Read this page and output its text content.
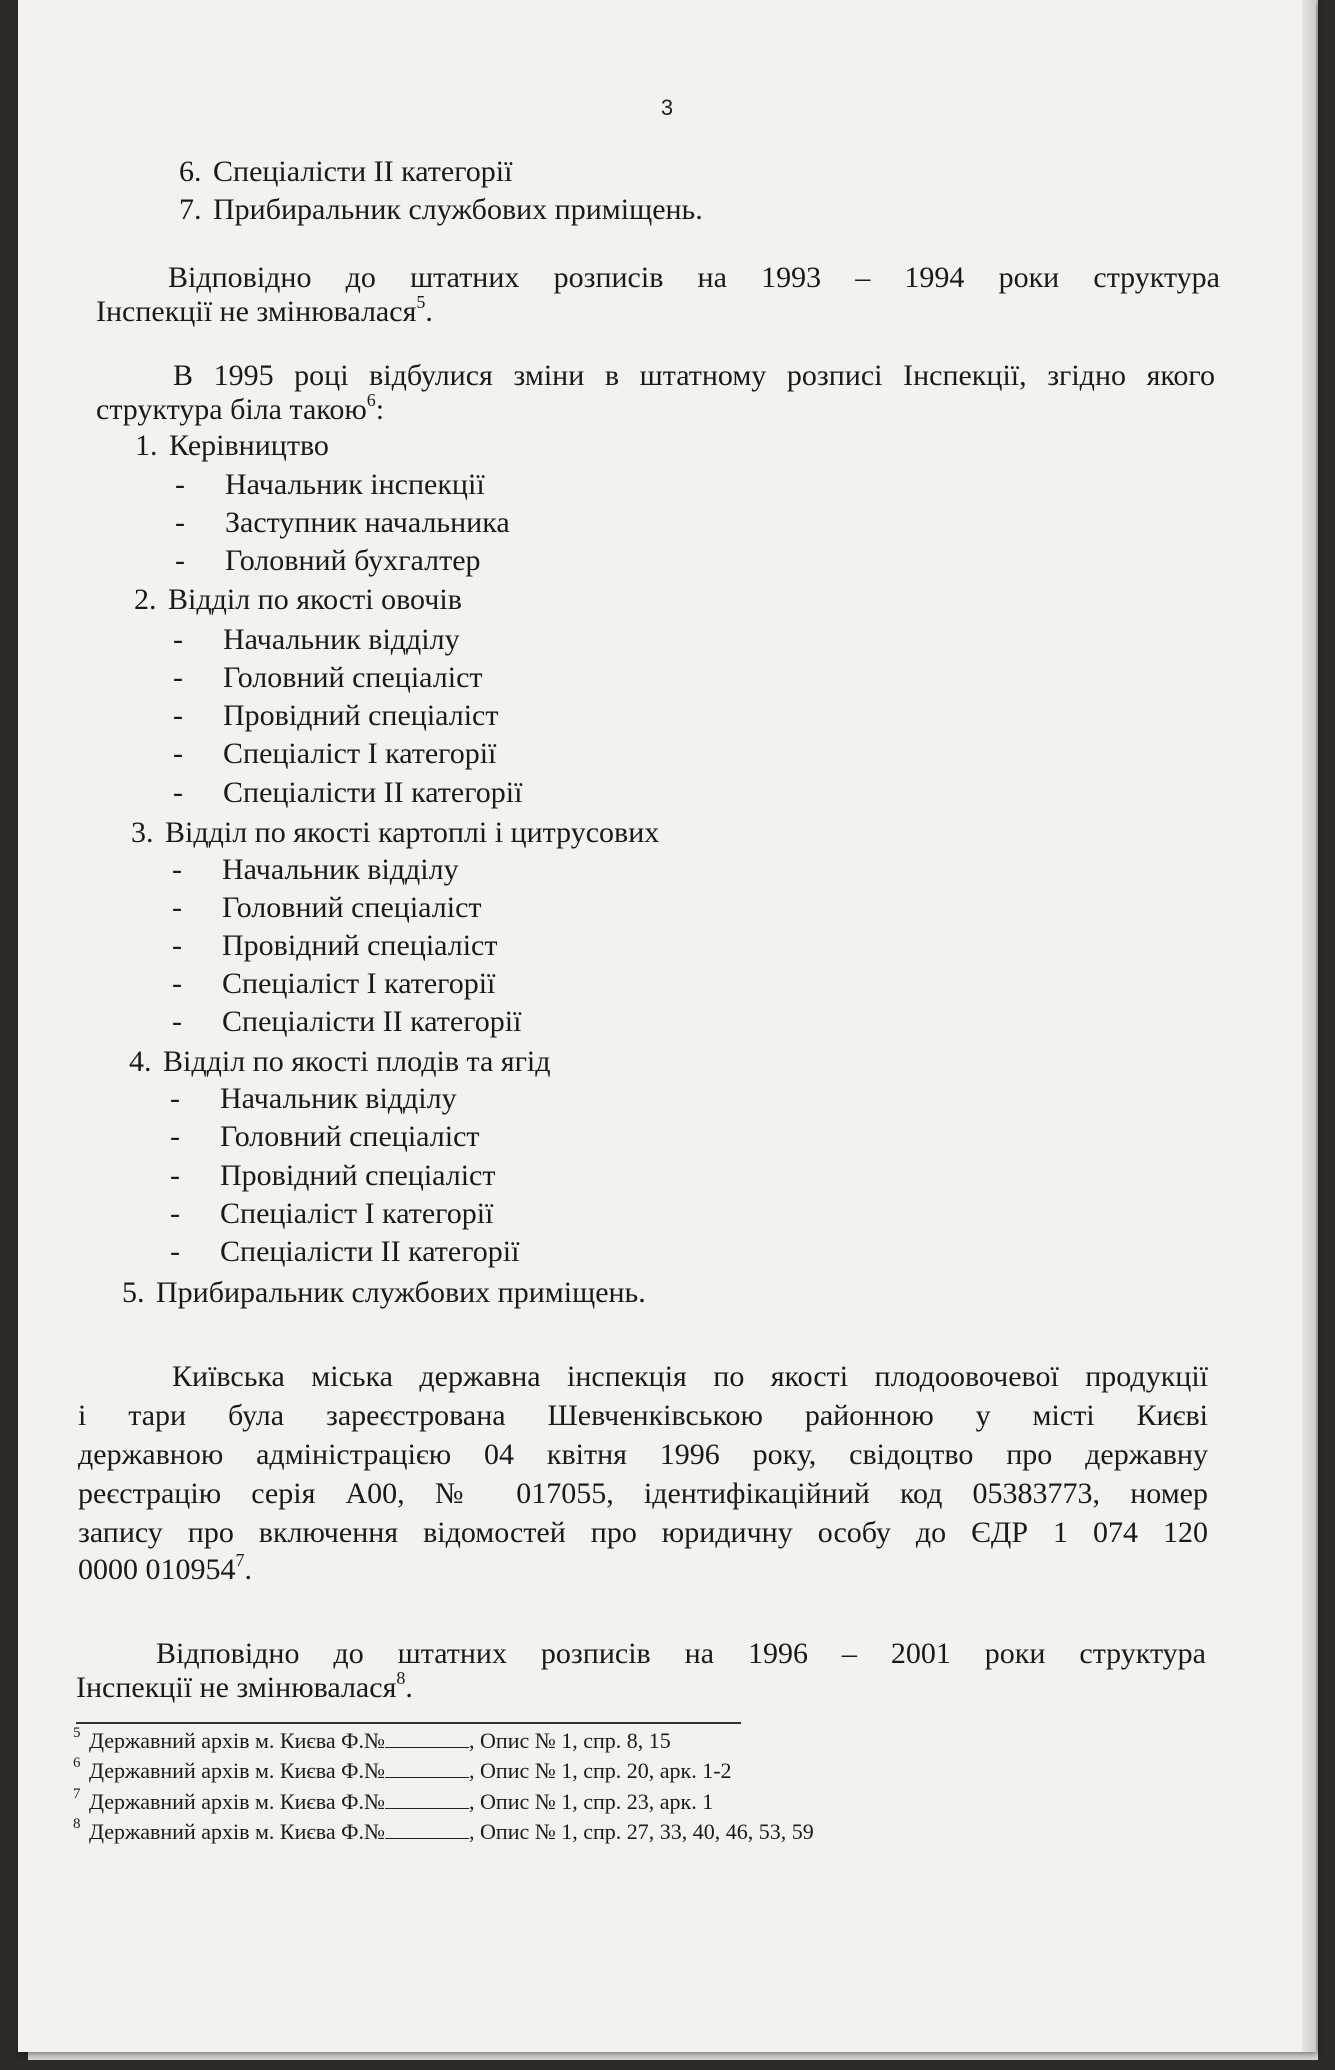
3
6. Спеціалісти ІІ категорії
7. Прибиральник службових приміщень.
Відповідно до штатних розписів на 1993 – 1994 роки структура
Інспекції не змінювалася$^5$.
В 1995 році відбулися зміни в штатному розписі Інспекції, згідно якого
структура біла такою$^6$:
1. Керівництво
- Начальник інспекції
- Заступник начальника
- Головний бухгалтер
2. Відділ по якості овочів
- Начальник відділу
- Головний спеціаліст
- Провідний спеціаліст
- Спеціаліст І категорії
- Спеціалісти ІІ категорії
3. Відділ по якості картоплі і цитрусових
- Начальник відділу
- Головний спеціаліст
- Провідний спеціаліст
- Спеціаліст І категорії
- Спеціалісти ІІ категорії
4. Відділ по якості плодів та ягід
- Начальник відділу
- Головний спеціаліст
- Провідний спеціаліст
- Спеціаліст І категорії
- Спеціалісти ІІ категорії
5. Прибиральник службових приміщень.
Київська міська державна інспекція по якості плодоовочевої продукції
і тари була зареєстрована Шевченківською районною у місті Києві
державною адміністрацією 04 квітня 1996 року, свідоцтво про державну
реєстрацію серія А00, № 017055, ідентифікаційний код 05383773, номер
запису про включення відомостей про юридичну особу до ЄДР 1 074 120
0000 010954$^7$.
Відповідно до штатних розписів на 1996 – 2001 роки структура
Інспекції не змінювалася$^8$.
5 Державний архів м. Києва Ф.№	, Опис № 1, спр. 8, 15
6 Державний архів м. Києва Ф.№	, Опис № 1, спр. 20, арк. 1-2
7 Державний архів м. Києва Ф.№	, Опис № 1, спр. 23, арк. 1
8 Державний архів м. Києва Ф.№	, Опис № 1, спр. 27, 33, 40, 46, 53, 59
